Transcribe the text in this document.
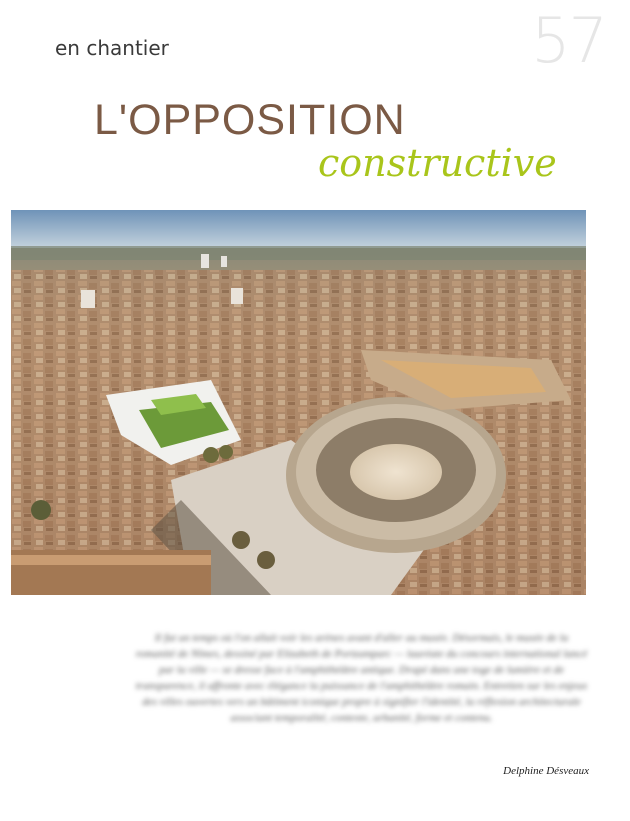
57
en chantier
L'OPPOSITION
constructive
Il fut un temps où l'on allait voir les arènes avant d'aller au musée. Désormais, le musée de la romanité de Nîmes, dessiné par Elizabeth de Portzamparc — lauréate du concours international lancé par la ville — se dresse face à l'amphithéâtre antique. Drapé dans une toge de lumière et de transparence, il affronte avec élégance la puissance de l'amphithéâtre romain. Entretien sur les enjeux des villes ouvertes vers un bâtiment iconique propre à signifier l'identité, la réflexion architecturale associant temporalité, contexte, urbanité, forme et contenu.
Delphine Désveaux
